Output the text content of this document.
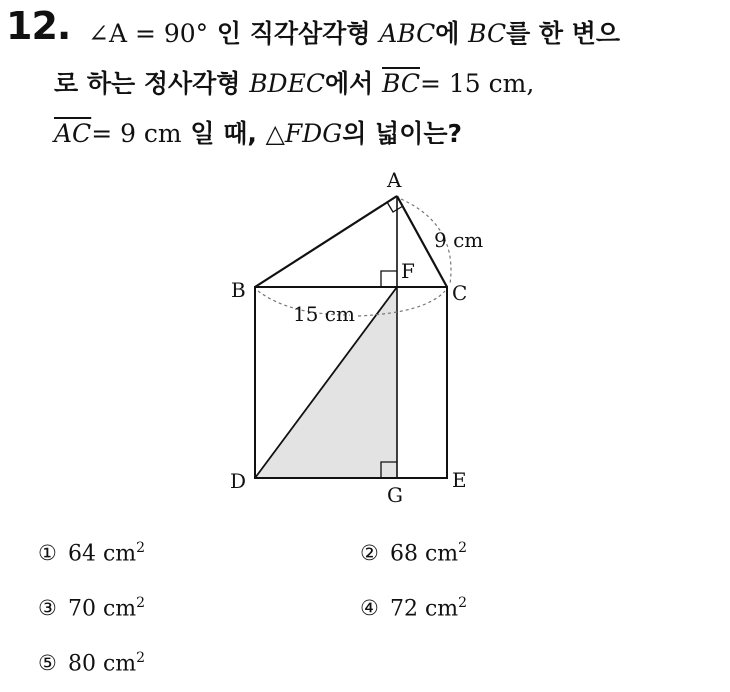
12. ∠A = 90° 인 직각삼각형 ABC에 BC를 한 변으
로 하는 정사각형 BDEC에서 $\overline{BC}= 15$ cm,
$\overline{AC}= 9$ cm 일 때, △FDG의 넓이는?
A
B	C
D	E
F
G
9 cm
15 cm
① 64 $cm^2$	② 68 $cm^2$
③ 70 $cm^2$	④ 72 $cm^2$
⑤ 80 $cm^2$
